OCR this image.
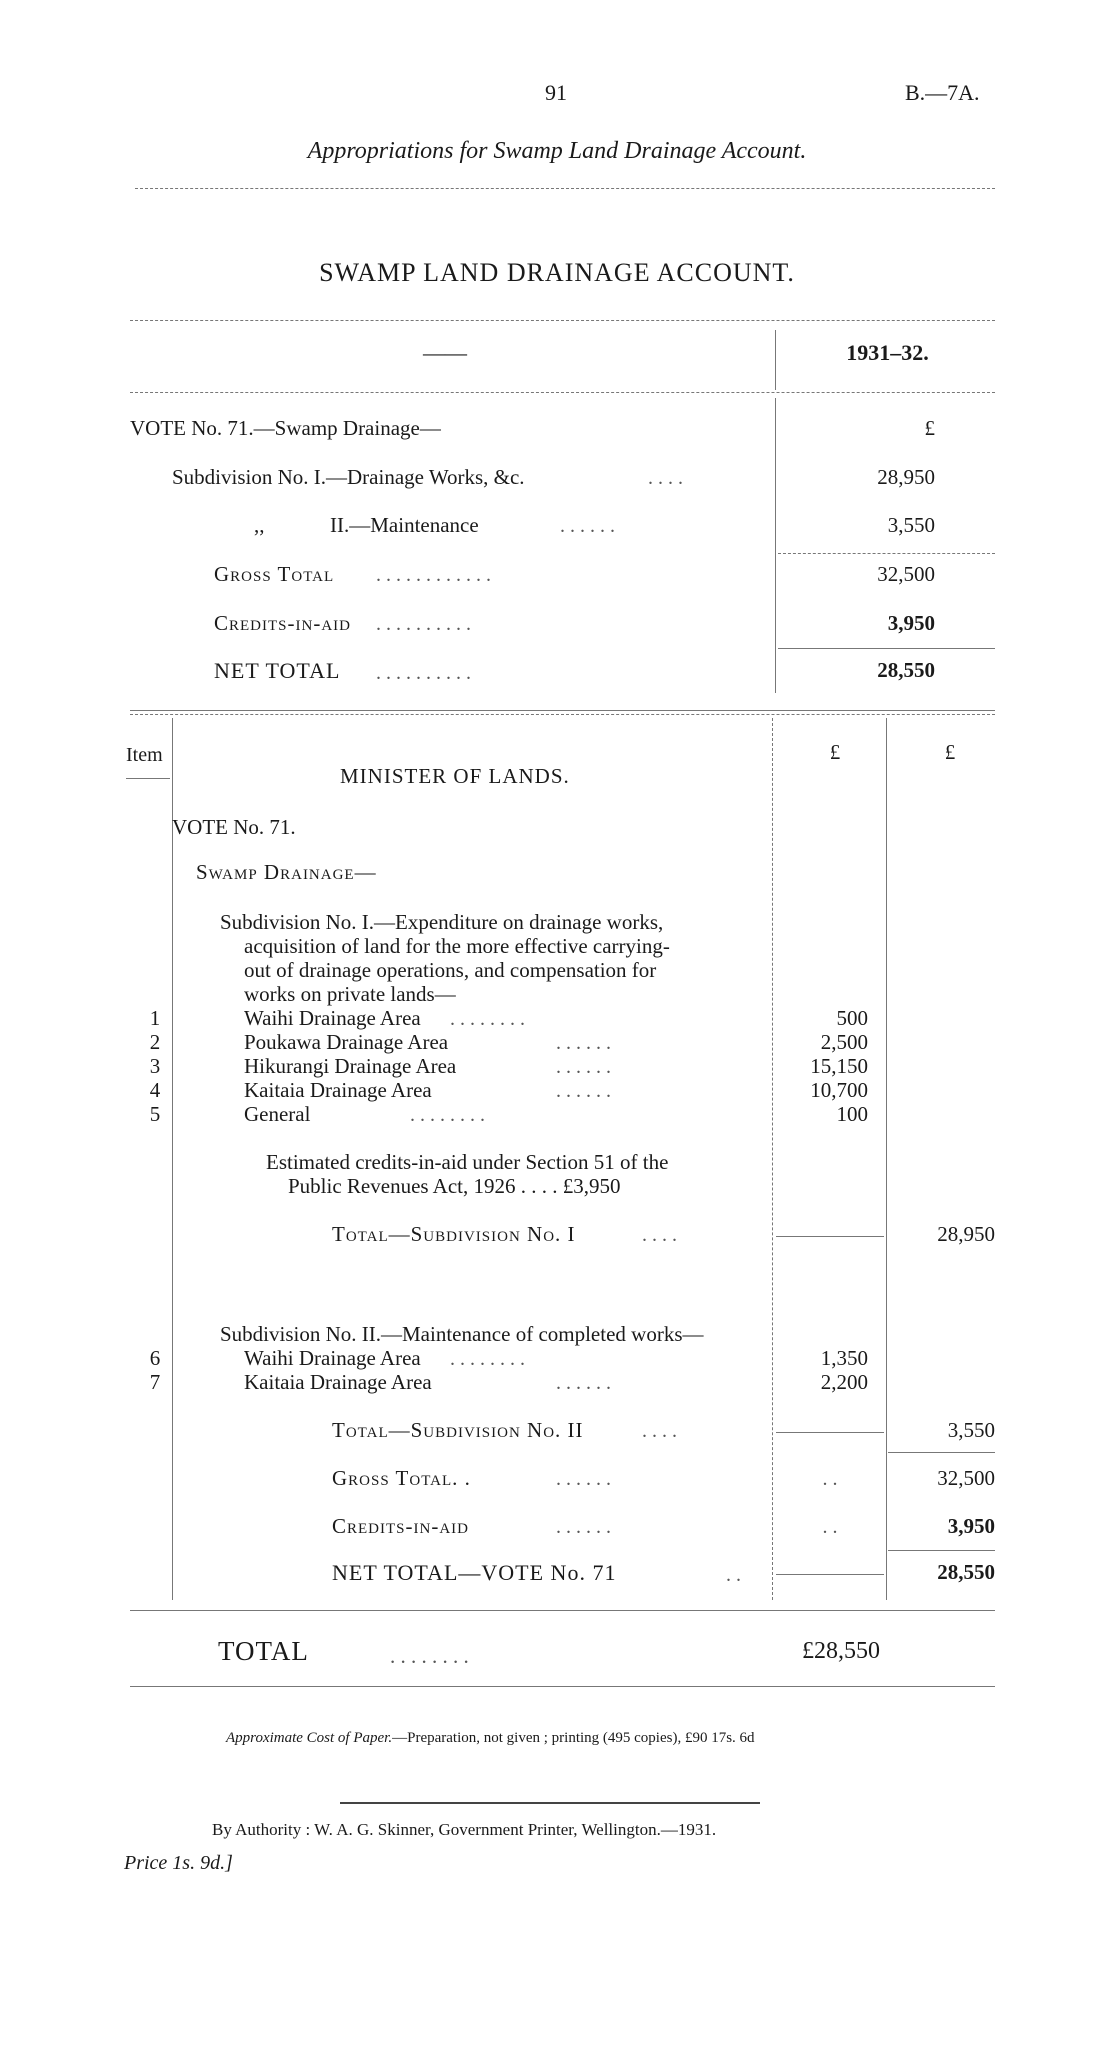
91	B.—7A.
Appropriations for Swamp Land Drainage Account.
SWAMP LAND DRAINAGE ACCOUNT.
——	1931–32.
VOTE No. 71.—Swamp Drainage—	£
Subdivision No. I.—Drainage Works, &c.	. . . .	28,950
,,	II.—Maintenance	. . . . . .	3,550
Gross Total . . . . . . . . . . . .	32,500
Credits-in-aid . . . . . . . . . .	3,950
NET TOTAL . . . . . . . . . .	28,550
Item	£	£
MINISTER OF LANDS.
VOTE No. 71.
Swamp Drainage—
Subdivision No. I.—Expenditure on drainage works,
acquisition of land for the more effective carrying-
out of drainage operations, and compensation for
works on private lands—
1	Waihi Drainage Area . . . . . . . .	500
2	Poukawa Drainage Area	. . . . . .	2,500
3	Hikurangi Drainage Area	. . . . . .	15,150
4	Kaitaia Drainage Area	. . . . . .	10,700
5	General	. . . . . . . .	100
Estimated credits-in-aid under Section 51 of the
Public Revenues Act, 1926 . . . . £3,950
Total—Subdivision No. I	. . . .	28,950
Subdivision No. II.—Maintenance of completed works—
6	Waihi Drainage Area . . . . . . . .	1,350
7	Kaitaia Drainage Area	. . . . . .	2,200
Total—Subdivision No. II	. . . .	3,550
Gross Total. .	. . . . . .	. .	32,500
Credits-in-aid	. . . . . .	. .	3,950
NET TOTAL—VOTE No. 71	. .	28,550
TOTAL	. . . . . . . .	£28,550
Approximate Cost of Paper.—Preparation, not given ; printing (495 copies), £90 17s. 6d
By Authority : W. A. G. Skinner, Government Printer, Wellington.—1931.
Price 1s. 9d.]
